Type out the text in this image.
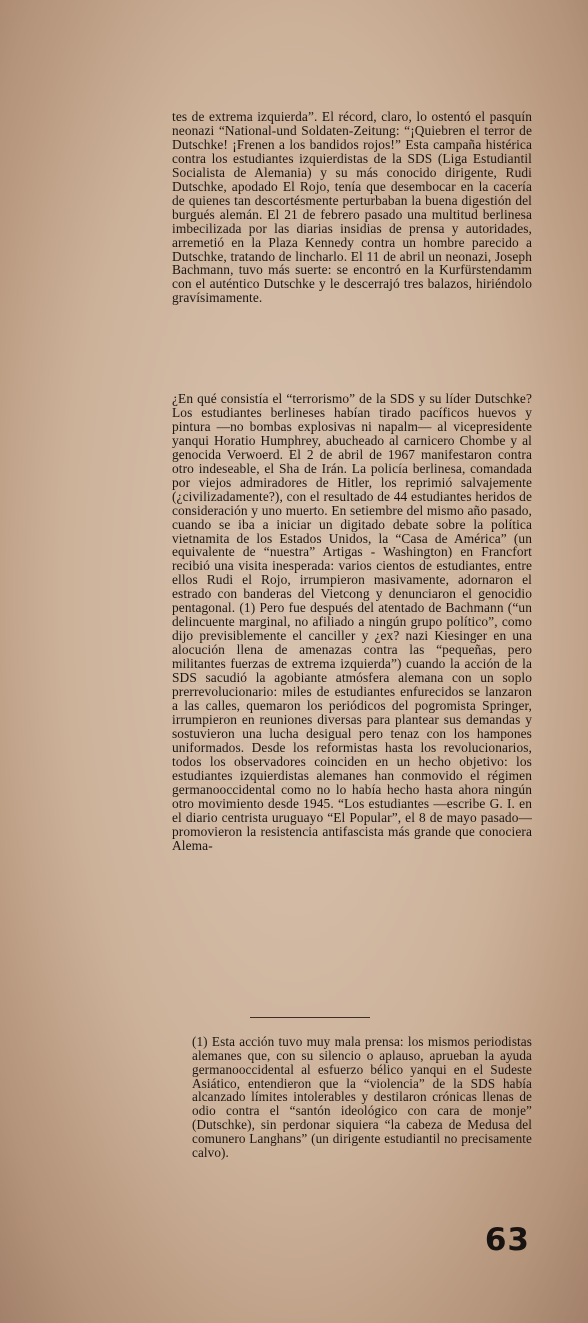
tes de extrema izquierda”. El récord, claro, lo ostentó el pasquín neonazi “National-und Soldaten-Zeitung: “¡Quiebren el terror de Dutschke! ¡Frenen a los bandidos rojos!” Esta campaña histérica contra los estudiantes izquierdistas de la SDS (Liga Estudiantil Socialista de Alemania) y su más conocido dirigente, Rudi Dutschke, apodado El Rojo, tenía que desembocar en la cacería de quienes tan descortésmente perturbaban la buena digestión del burgués alemán. El 21 de febrero pasado una multitud berlinesa imbecilizada por las diarias insidias de prensa y autoridades, arremetió en la Plaza Kennedy contra un hombre parecido a Dutschke, tratando de lincharlo. El 11 de abril un neonazi, Joseph Bachmann, tuvo más suerte: se encontró en la Kurfürstendamm con el auténtico Dutschke y le descerrajó tres balazos, hiriéndolo gravísimamente.

¿En qué consistía el “terrorismo” de la SDS y su líder Dutschke? Los estudiantes berlineses habían tirado pacíficos huevos y pintura —no bombas explosivas ni napalm— al vicepresidente yanqui Horatio Humphrey, abucheado al carnicero Chombe y al genocida Verwoerd. El 2 de abril de 1967 manifestaron contra otro indeseable, el Sha de Irán. La policía berlinesa, comandada por viejos admiradores de Hitler, los reprimió salvajemente (¿civilizadamente?), con el resultado de 44 estudiantes heridos de consideración y uno muerto. En setiembre del mismo año pasado, cuando se iba a iniciar un digitado debate sobre la política vietnamita de los Estados Unidos, la “Casa de América” (un equivalente de “nuestra” Artigas - Washington) en Francfort recibió una visita inesperada: varios cientos de estudiantes, entre ellos Rudi el Rojo, irrumpieron masivamente, adornaron el estrado con banderas del Vietcong y denunciaron el genocidio pentagonal. (1) Pero fue después del atentado de Bachmann (“un delincuente marginal, no afiliado a ningún grupo político”, como dijo previsiblemente el canciller y ¿ex? nazi Kiesinger en una alocución llena de amenazas contra las “pequeñas, pero militantes fuerzas de extrema izquierda”) cuando la acción de la SDS sacudió la agobiante atmósfera alemana con un soplo prerrevolucionario: miles de estudiantes enfurecidos se lanzaron a las calles, quemaron los periódicos del pogromista Springer, irrumpieron en reuniones diversas para plantear sus demandas y sostuvieron una lucha desigual pero tenaz con los hampones uniformados. Desde los reformistas hasta los revolucionarios, todos los observadores coinciden en un hecho objetivo: los estudiantes izquierdistas alemanes han conmovido el régimen germanooccidental como no lo había hecho hasta ahora ningún otro movimiento desde 1945. “Los estudiantes —escribe G. I. en el diario centrista uruguayo “El Popular”, el 8 de mayo pasado— promovieron la resistencia antifascista más grande que conociera Alema-

(1) Esta acción tuvo muy mala prensa: los mismos periodistas alemanes que, con su silencio o aplauso, aprueban la ayuda germanooccidental al esfuerzo bélico yanqui en el Sudeste Asiático, entendieron que la “violencia” de la SDS había alcanzado límites intolerables y destilaron crónicas llenas de odio contra el “santón ideológico con cara de monje” (Dutschke), sin perdonar siquiera “la cabeza de Medusa del comunero Langhans” (un dirigente estudiantil no precisamente calvo).

63
